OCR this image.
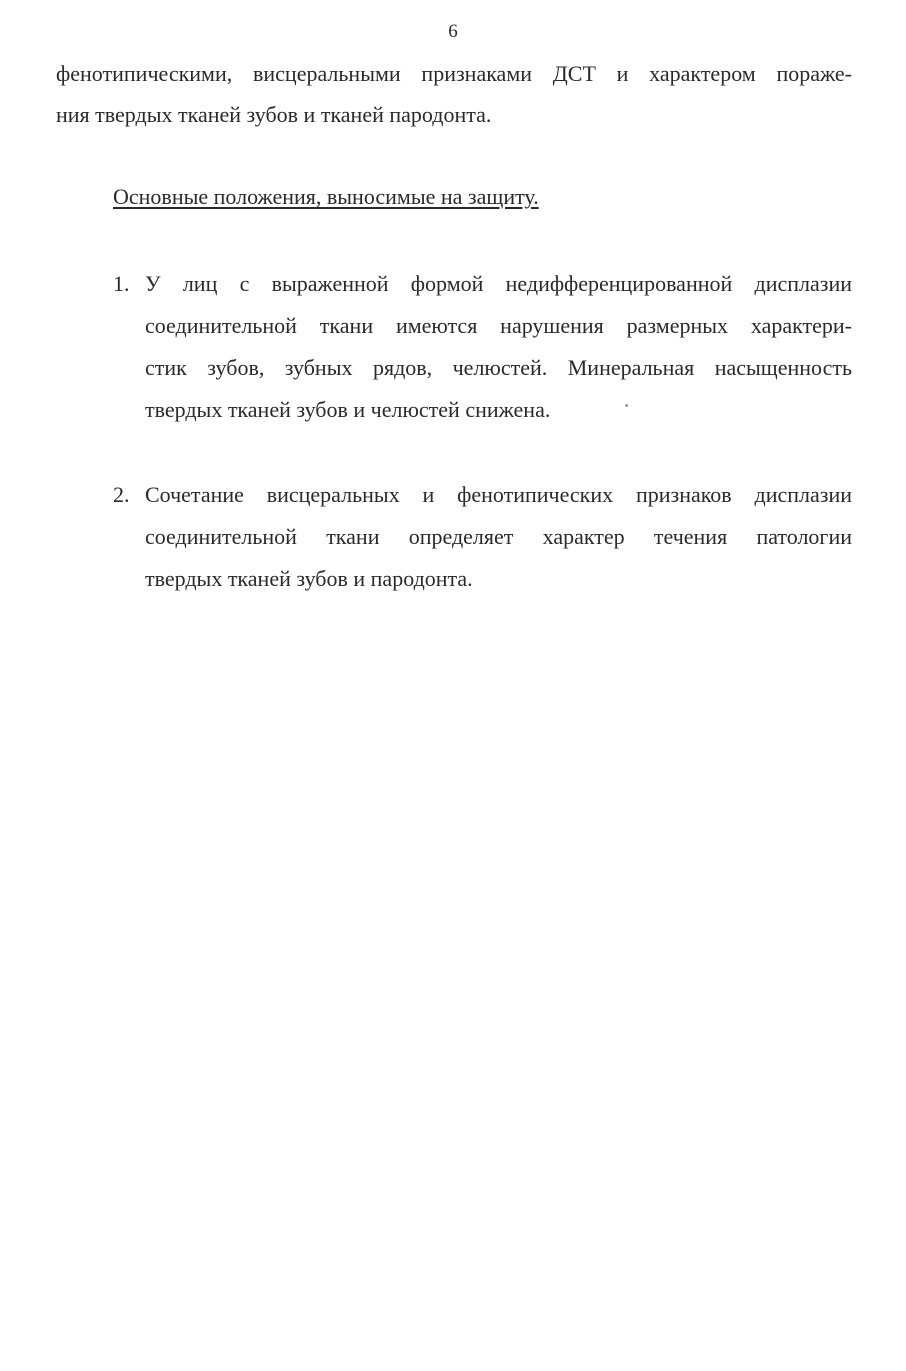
6
фенотипическими, висцеральными признаками ДСТ и характером пораже-
ния твердых тканей зубов и тканей пародонта.
Основные положения, выносимые на защиту.
1. У лиц с выраженной формой недифференцированной дисплазии
соединительной ткани имеются нарушения размерных характери-
стик зубов, зубных рядов, челюстей. Минеральная насыщенность
твердых тканей зубов и челюстей снижена.
2. Сочетание висцеральных и фенотипических признаков дисплазии
соединительной ткани определяет характер течения патологии
твердых тканей зубов и пародонта.
